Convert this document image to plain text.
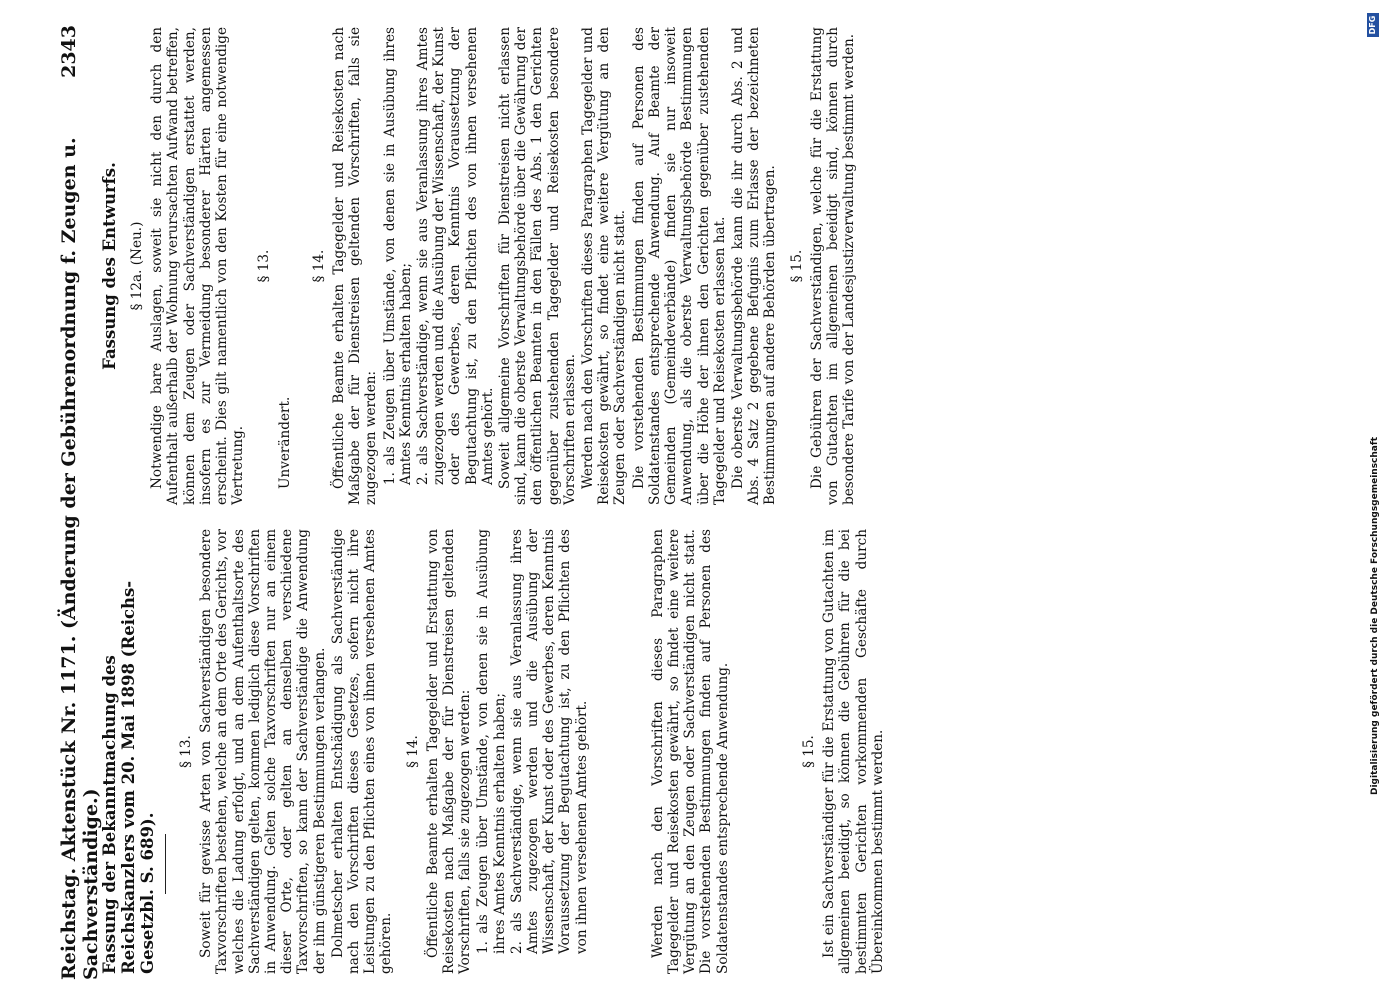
Reichstag. Aktenstück Nr. 1171. (Änderung der Gebührenordnung f. Zeugen u. Sachverständige.)
2343
Fassung der Bekanntmachung des Reichskanzlers vom 20. Mai 1898 (Reichs-Gesetzbl. S. 689).
§ 13. Soweit für gewisse Arten von Sachverständigen besondere Taxvorschriften bestehen, welche an dem Orte des Gerichts, vor welches die Ladung erfolgt, und an dem Aufenthaltsorte des Sachverständigen gelten, kommen lediglich diese Vorschriften in Anwendung. Gelten solche Taxvorschriften nur an einem dieser Orte, oder gelten an denselben verschiedene Taxvorschriften, so kann der Sachverständige die Anwendung der ihm günstigeren Bestimmungen verlangen. Dolmetscher erhalten Entschädigung als Sachverständige nach den Vorschriften dieses Gesetzes, sofern nicht ihre Leistungen zu den Pflichten eines von ihnen versehenen Amtes gehören.
§ 14. Öffentliche Beamte erhalten Tagegelder und Erstattung von Reisekosten nach Maßgabe der für Dienstreisen geltenden Vorschriften, falls sie zugezogen werden: 1. als Zeugen über Umstände, von denen sie in Ausübung ihres Amtes Kenntnis erhalten haben; 2. als Sachverständige, wenn sie aus Veranlassung ihres Amtes zugezogen werden und die Ausübung der Wissenschaft, der Kunst oder des Gewerbes, deren Kenntnis Voraussetzung der Begutachtung ist, zu den Pflichten des von ihnen versehenen Amtes gehört.	Werden nach den Vorschriften dieses Paragraphen Tagegelder und Reisekosten gewährt, so findet eine weitere Vergütung an den Zeugen oder Sachverständigen nicht statt. Die vorstehenden Bestimmungen finden auf Personen des Soldatenstandes entsprechende Anwendung.	§ 15. Ist ein Sachverständiger für die Erstattung von Gutachten im allgemeinen beeidigt, so können die Gebühren für die bei bestimmten Gerichten vorkommenden Geschäfte durch Übereinkommen bestimmt werden.
Fassung des Entwurfs. § 12a. (Neu.) Notwendige bare Auslagen, soweit sie nicht den durch den Aufenthalt außerhalb der Wohnung verursachten Aufwand betreffen, können dem Zeugen oder Sachverständigen erstattet werden, insofern es zur Vermeidung besonderer Härten angemessen erscheint. Dies gilt namentlich von den Kosten für eine notwendige Vertretung.
§ 13.
Unverändert.
§ 14. Öffentliche Beamte erhalten Tagegelder und Reisekosten nach Maßgabe der für Dienstreisen geltenden Vorschriften, falls sie zugezogen werden: 1. als Zeugen über Umstände, von denen sie in Ausübung ihres Amtes Kenntnis erhalten haben; 2. als Sachverständige, wenn sie aus Veranlassung ihres Amtes zugezogen werden und die Ausübung der Wissenschaft, der Kunst oder des Gewerbes, deren Kenntnis Voraussetzung der Begutachtung ist, zu den Pflichten des von ihnen versehenen Amtes gehört. Soweit allgemeine Vorschriften für Dienstreisen nicht erlassen sind, kann die oberste Verwaltungsbehörde über die Gewährung der den öffentlichen Beamten in den Fällen des Abs. 1 den Gerichten gegenüber zustehenden Tagegelder und Reisekosten besondere Vorschriften erlassen. Werden nach den Vorschriften dieses Paragraphen Tagegelder und Reisekosten gewährt, so findet eine weitere Vergütung an den Zeugen oder Sachverständigen nicht statt. Die vorstehenden Bestimmungen finden auf Personen des Soldatenstandes entsprechende Anwendung. Auf Beamte der Gemeinden (Gemeindeverbände) finden sie nur insoweit Anwendung, als die oberste Verwaltungsbehörde Bestimmungen über die Höhe der ihnen den Gerichten gegenüber zustehenden Tagegelder und Reisekosten erlassen hat. Die oberste Verwaltungsbehörde kann die ihr durch Abs. 2 und Abs. 4 Satz 2 gegebene Befugnis zum Erlasse der bezeichneten Bestimmungen auf andere Behörden übertragen. § 15. Die Gebühren der Sachverständigen, welche für die Erstattung von Gutachten im allgemeinen beeidigt sind, können durch besondere Tarife von der Landesjustizverwaltung bestimmt werden.
Digitalisierung gefördert durch die Deutsche Forschungsgemeinschaft
DFG
